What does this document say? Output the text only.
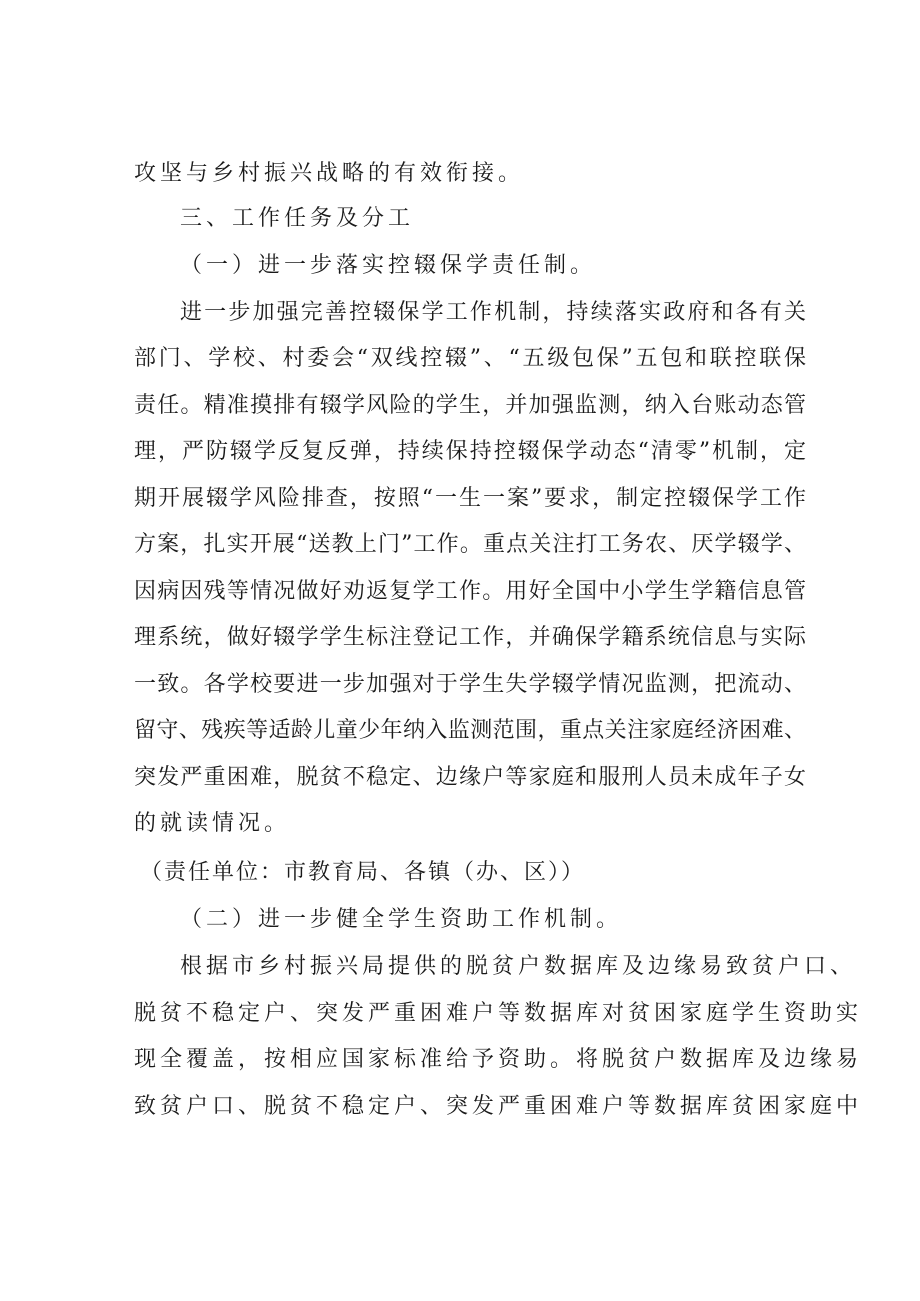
攻坚与乡村振兴战略的有效衔接。
三、工作任务及分工
（一）进一步落实控辍保学责任制。
进一步加强完善控辍保学工作机制，持续落实政府和各有关
部门、学校、村委会“双线控辍”、“五级包保”五包和联控联保
责任。精准摸排有辍学风险的学生，并加强监测，纳入台账动态管
理，严防辍学反复反弹，持续保持控辍保学动态“清零”机制，定
期开展辍学风险排查，按照“一生一案”要求，制定控辍保学工作
方案，扎实开展“送教上门”工作。重点关注打工务农、厌学辍学、
因病因残等情况做好劝返复学工作。用好全国中小学生学籍信息管
理系统，做好辍学学生标注登记工作，并确保学籍系统信息与实际
一致。各学校要进一步加强对于学生失学辍学情况监测，把流动、
留守、残疾等适龄儿童少年纳入监测范围，重点关注家庭经济困难、
突发严重困难，脱贫不稳定、边缘户等家庭和服刑人员未成年子女
的就读情况。
（责任单位：市教育局、各镇（办、区））
（二）进一步健全学生资助工作机制。
根据市乡村振兴局提供的脱贫户数据库及边缘易致贫户口、
脱贫不稳定户、突发严重困难户等数据库对贫困家庭学生资助实
现全覆盖，按相应国家标准给予资助。将脱贫户数据库及边缘易
致贫户口、脱贫不稳定户、突发严重困难户等数据库贫困家庭中
